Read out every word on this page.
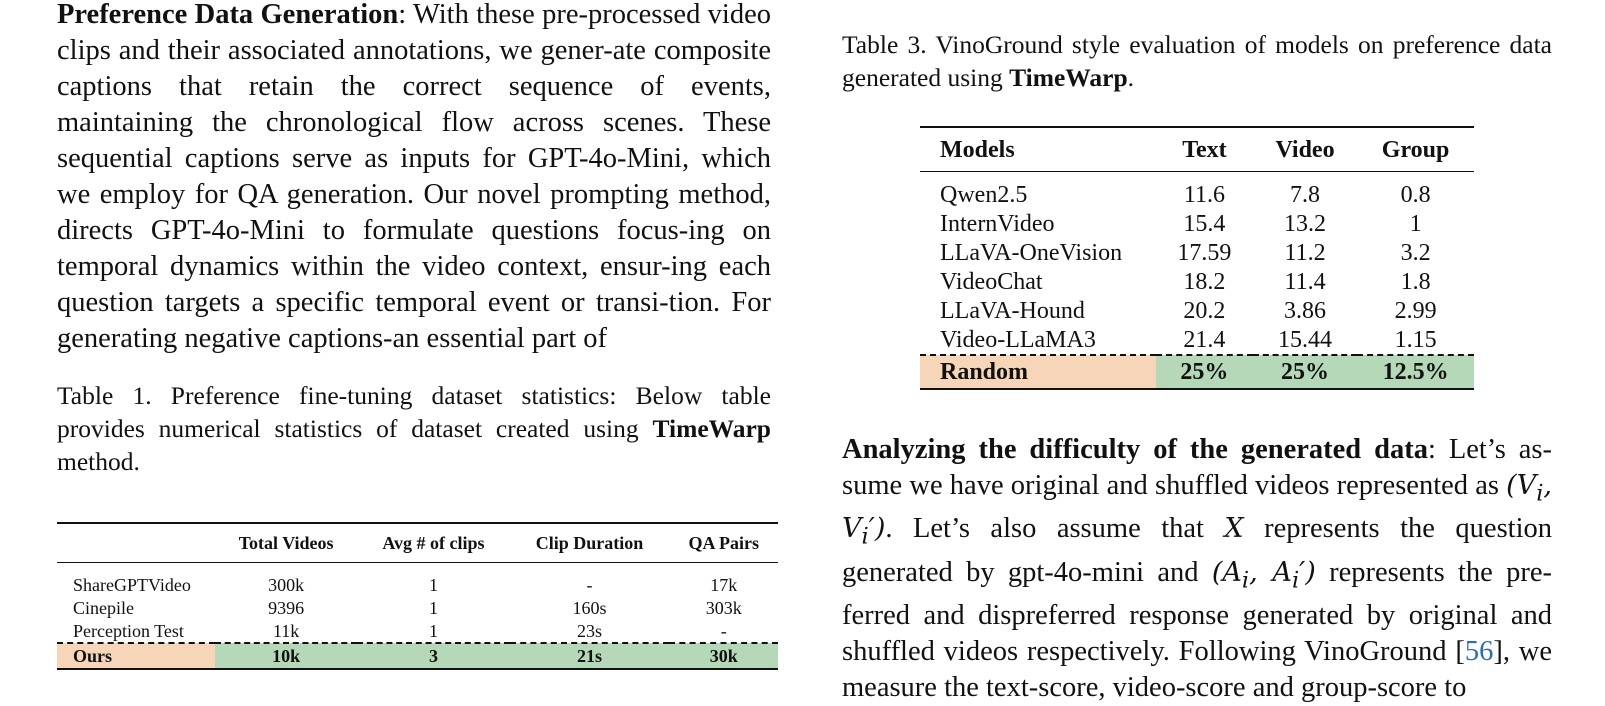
Preference Data Generation: With these pre-processed video clips and their associated annotations, we gener-ate composite captions that retain the correct sequence of events, maintaining the chronological flow across scenes. These sequential captions serve as inputs for GPT-4o-Mini, which we employ for QA generation. Our novel prompting method, directs GPT-4o-Mini to formulate questions focus-ing on temporal dynamics within the video context, ensur-ing each question targets a specific temporal event or transi-tion. For generating negative captions-an essential part of

Table 1. Preference fine-tuning dataset statistics: Below table provides numerical statistics of dataset created using TimeWarp method.

	Total Videos	Avg # of clips	Clip Duration	QA Pairs
ShareGPTVideo	300k	1	-	17k
Cinepile	9396	1	160s	303k
Perception Test	11k	1	23s	-
Ours	10k	3	21s	30k

Table 3. VinoGround style evaluation of models on preference data generated using TimeWarp.

Analyzing the difficulty of the generated data: Let’s as-sume we have original and shuffled videos represented as ($V_i$, $V_i'$). Let’s also assume that X represents the question generated by gpt-4o-mini and ($A_i$, $A_i'$) represents the pre-ferred and dispreferred response generated by original and shuffled videos respectively. Following VinoGround [56], we measure the text-score, video-score and group-score to

Models	Text	Video	Group
Qwen2.5	11.6	7.8	0.8
InternVideo	15.4	13.2	1
LLaVA-OneVision	17.59	11.2	3.2
VideoChat	18.2	11.4	1.8
LLaVA-Hound	20.2	3.86	2.99
Video-LLaMA3	21.4	15.44	1.15
Random	25%	25%	12.5%
